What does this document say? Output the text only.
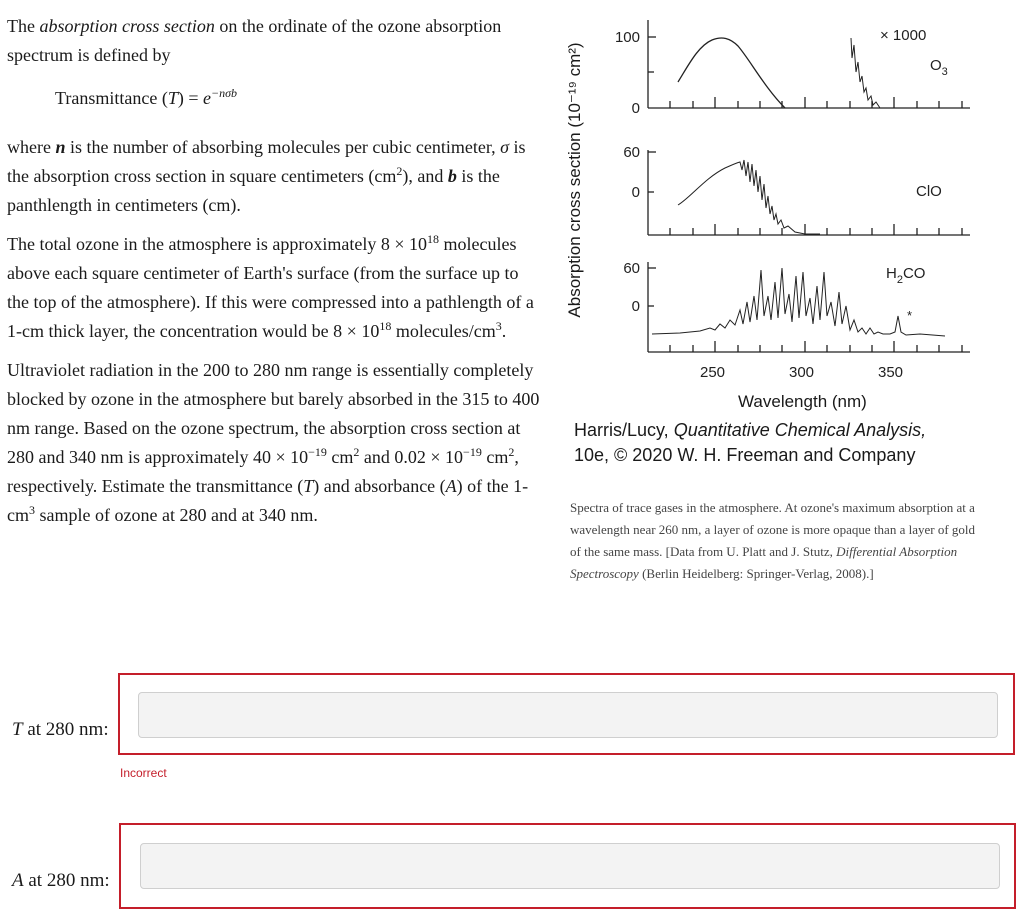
The absorption cross section on the ordinate of the ozone absorption spectrum is defined by

Transmittance $(T) = e^{-n\sigma b}$

where n is the number of absorbing molecules per cubic centimeter, σ is the absorption cross section in square centimeters $(cm^2)$, and b is the panthlength in centimeters (cm).

The total ozone in the atmosphere is approximately $8 \times 10^{18}$ molecules above each square centimeter of Earth's surface (from the surface up to the top of the atmosphere). If this were compressed into a pathlength of a 1-cm thick layer, the concentration would be $8 \times 10^{18}$ molecules/$cm^3$.

Ultraviolet radiation in the 200 to 280 nm range is essentially completely blocked by ozone in the atmosphere but barely absorbed in the 315 to 400 nm range. Based on the ozone spectrum, the absorption cross section at 280 and 340 nm is approximately $40 \times 10^{-19}$ $cm^2$ and $0.02 \times 10^{-19}$ $cm^2$, respectively. Estimate the transmittance (T) and absorbance (A) of the $1-cm^3$ sample of ozone at 280 and at 340 nm.

Absorption cross section (10⁻¹⁹ cm²)
100
0
× 1000
$O_3$
60
0	ClO
60
0
$H_2CO$
*
250	300	350
Wavelength (nm)
Harris/Lucy, Quantitative Chemical Analysis,
10e, © 2020 W. H. Freeman and Company
Spectra of trace gases in the atmosphere. At ozone's maximum absorption at a wavelength near 260 nm, a layer of ozone is more opaque than a layer of gold of the same mass. [Data from U. Platt and J. Stutz, Differential Absorption Spectroscopy (Berlin Heidelberg: Springer-Verlag, 2008).]
T at 280 nm:
Incorrect
A at 280 nm:
